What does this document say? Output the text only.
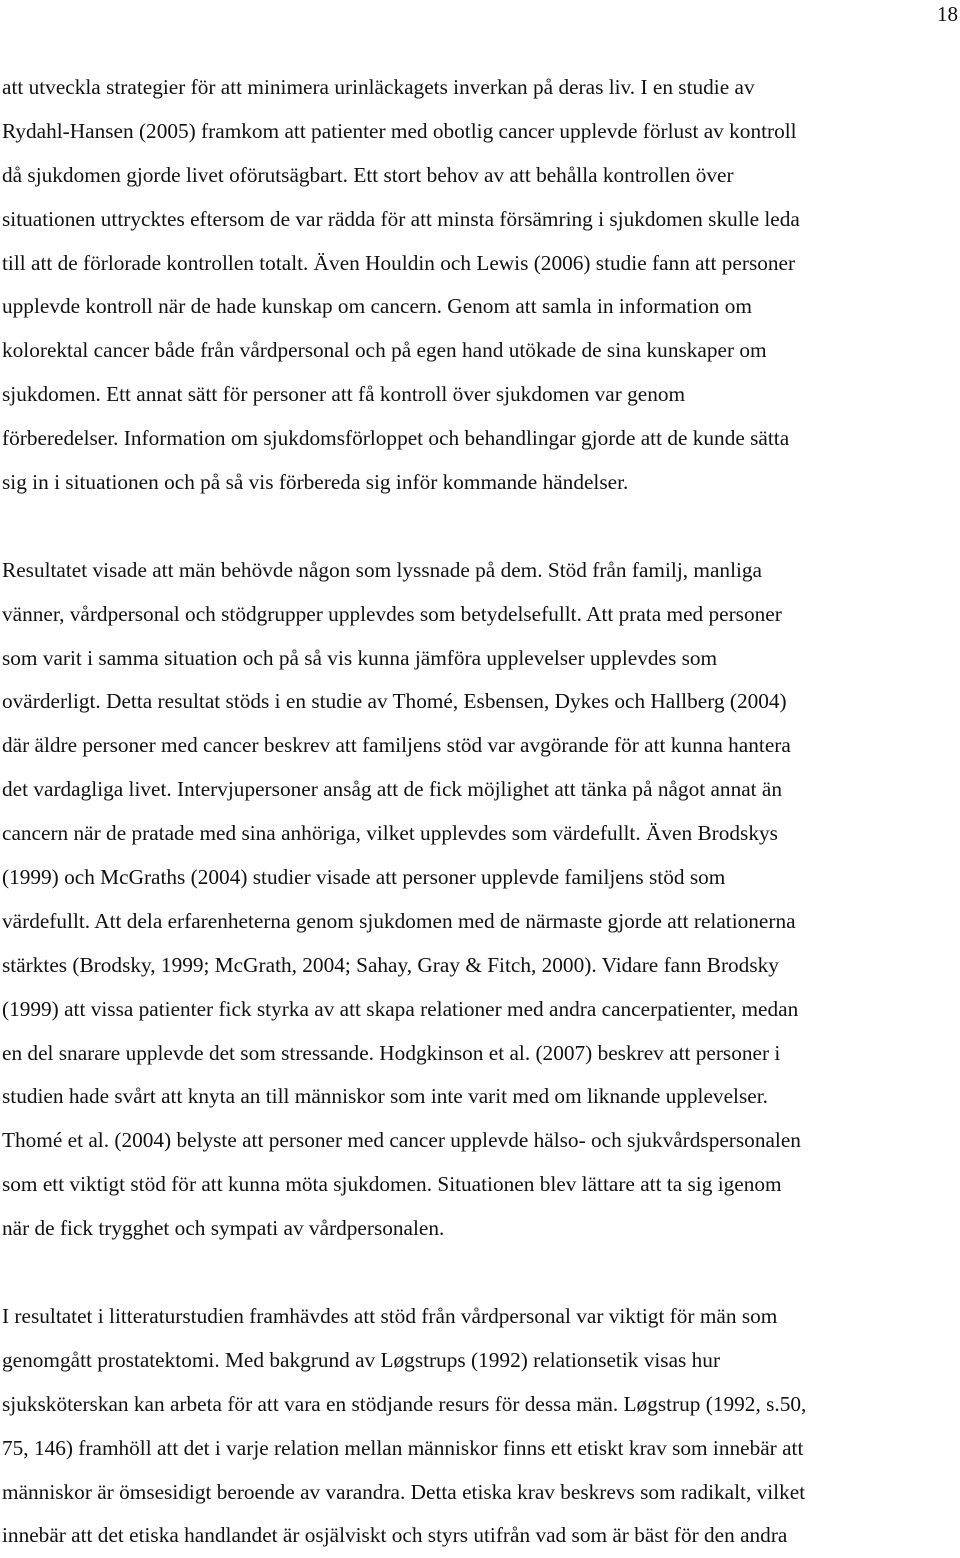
18

att utveckla strategier för att minimera urinläckagets inverkan på deras liv. I en studie av
Rydahl-Hansen (2005) framkom att patienter med obotlig cancer upplevde förlust av kontroll
då sjukdomen gjorde livet oförutsägbart. Ett stort behov av att behålla kontrollen över
situationen uttrycktes eftersom de var rädda för att minsta försämring i sjukdomen skulle leda
till att de förlorade kontrollen totalt. Även Houldin och Lewis (2006) studie fann att personer
upplevde kontroll när de hade kunskap om cancern. Genom att samla in information om
kolorektal cancer både från vårdpersonal och på egen hand utökade de sina kunskaper om
sjukdomen. Ett annat sätt för personer att få kontroll över sjukdomen var genom
förberedelser. Information om sjukdomsförloppet och behandlingar gjorde att de kunde sätta
sig in i situationen och på så vis förbereda sig inför kommande händelser.

Resultatet visade att män behövde någon som lyssnade på dem. Stöd från familj, manliga
vänner, vårdpersonal och stödgrupper upplevdes som betydelsefullt. Att prata med personer
som varit i samma situation och på så vis kunna jämföra upplevelser upplevdes som
ovärderligt. Detta resultat stöds i en studie av Thomé, Esbensen, Dykes och Hallberg (2004)
där äldre personer med cancer beskrev att familjens stöd var avgörande för att kunna hantera
det vardagliga livet. Intervjupersoner ansåg att de fick möjlighet att tänka på något annat än
cancern när de pratade med sina anhöriga, vilket upplevdes som värdefullt. Även Brodskys
(1999) och McGraths (2004) studier visade att personer upplevde familjens stöd som
värdefullt. Att dela erfarenheterna genom sjukdomen med de närmaste gjorde att relationerna
stärktes (Brodsky, 1999; McGrath, 2004; Sahay, Gray & Fitch, 2000). Vidare fann Brodsky
(1999) att vissa patienter fick styrka av att skapa relationer med andra cancerpatienter, medan
en del snarare upplevde det som stressande. Hodgkinson et al. (2007) beskrev att personer i
studien hade svårt att knyta an till människor som inte varit med om liknande upplevelser.
Thomé et al. (2004) belyste att personer med cancer upplevde hälso- och sjukvårdspersonalen
som ett viktigt stöd för att kunna möta sjukdomen. Situationen blev lättare att ta sig igenom
när de fick trygghet och sympati av vårdpersonalen.

I resultatet i litteraturstudien framhävdes att stöd från vårdpersonal var viktigt för män som
genomgått prostatektomi. Med bakgrund av Løgstrups (1992) relationsetik visas hur
sjuksköterskan kan arbeta för att vara en stödjande resurs för dessa män. Løgstrup (1992, s.50,
75, 146) framhöll att det i varje relation mellan människor finns ett etiskt krav som innebär att
människor är ömsesidigt beroende av varandra. Detta etiska krav beskrevs som radikalt, vilket
innebär att det etiska handlandet är osjälviskt och styrs utifrån vad som är bäst för den andra
